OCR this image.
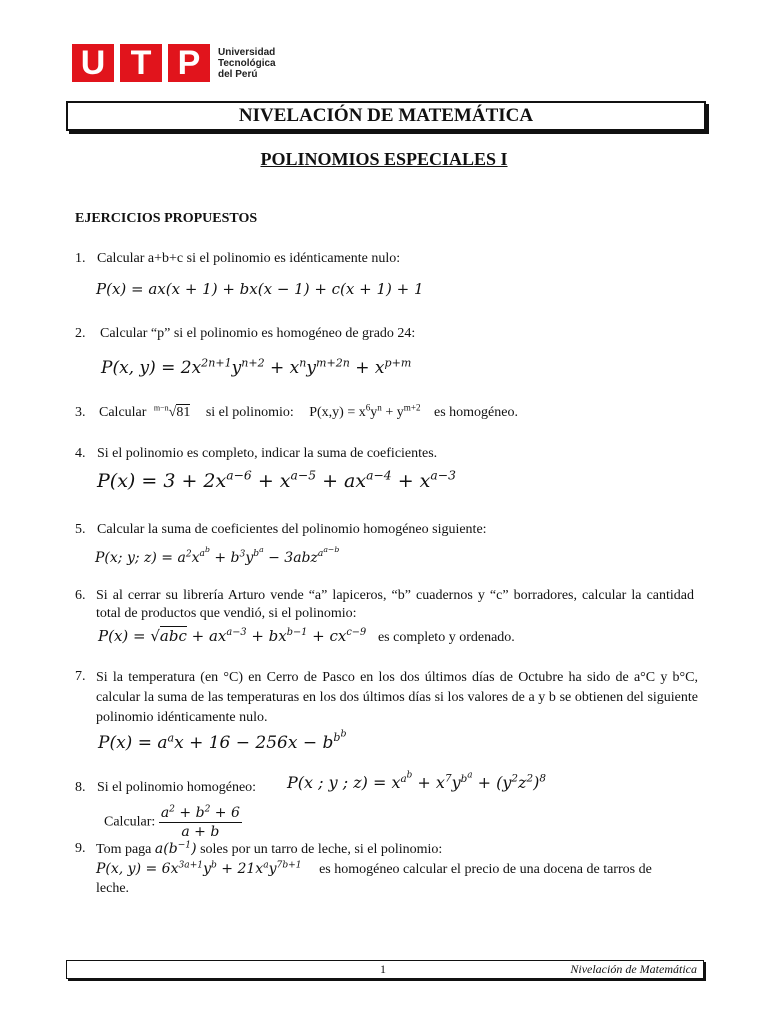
U T P	Universidad
Tecnológica
del Perú
NIVELACIÓN DE MATEMÁTICA
POLINOMIOS ESPECIALES I
EJERCICIOS PROPUESTOS
1. Calcular a+b+c si el polinomio es idénticamente nulo:
P(x) = ax(x + 1) + bx(x − 1) + c(x + 1) + 1
2. Calcular “p” si el polinomio es homogéneo de grado 24:
P(x, $y) = 2x^{2n+1}y^{n+2} + x^ny^{m+2n} + x^{p+m}$
3. Calcular $^{m-n}$√81 si el polinomio: $P(x,y) = x^6y^n + y^{m+2}$ es homogéneo.
4. Si el polinomio es completo, indicar la suma de coeficientes.
$P(x) = 3 + 2x^{a-6} + x^{a-5} + ax^{a-4} + x^{a-3}$
5. Calcular la suma de coeficientes del polinomio homogéneo siguiente:
P(x; y; $z) = a^2x^{a^b} + b^3y^{b^a} - 3abz^{a^{a-b}}$
6. Si al cerrar su librería Arturo vende “a” lapiceros, “b” cuadernos y “c” borradores, calcular la cantidad total de productos que vendió, si el polinomio:
$P(x) = √abc + ax^{a-3} + bx^{b-1} + cx^{c-9}$ es completo y ordenado.
7. Si la temperatura (en °C) en Cerro de Pasco en los dos últimos días de Octubre ha sido de a°C y b°C, calcular la suma de las temperaturas en los dos últimos días si los valores de a y b se obtienen del siguiente polinomio idénticamente nulo.
$P(x) = a^ax + 16 - 256x - b^{b^b}$
8. Si el polinomio homogéneo: P(x ; y ; $z) = x^{a^b} + x^7y^{b^a} + (y^2z^2)^8$
Calcular: $\frac{a^2 + b^2 + 6}{a + b}$
9. Tom paga $a(b^{-1})$ soles por un tarro de leche, si el polinomio:
P(x, $y) = 6x^{3a+1}y^b + 21x^ay^{7b+1}$ es homogéneo calcular el precio de una docena de tarros de
leche.
1	Nivelación de Matemática
